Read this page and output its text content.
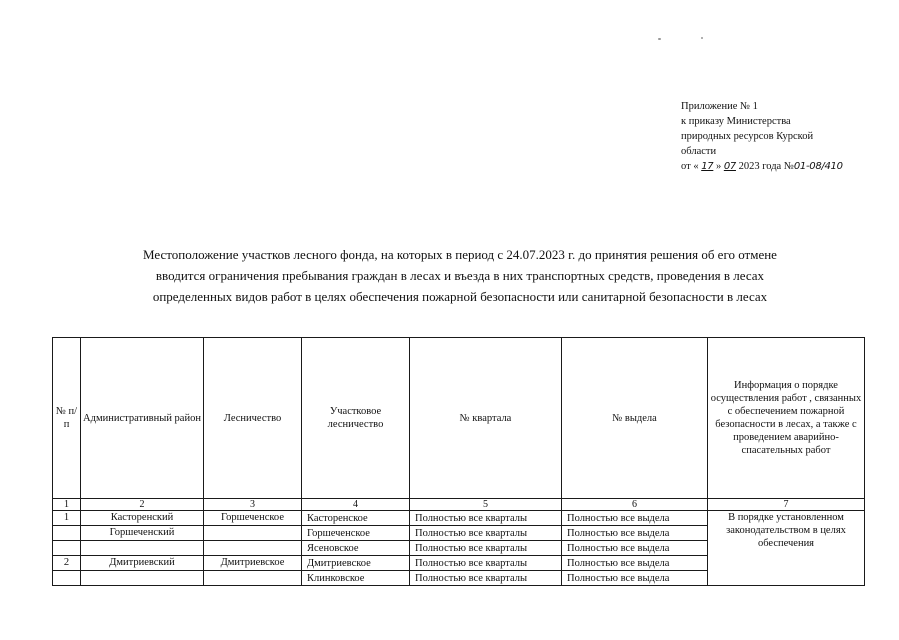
Приложение № 1
к приказу Министерства
природных ресурсов Курской
области
от « 17 » 07 2023 года №01-08/410
Местоположение участков лесного фонда, на которых в период с 24.07.2023 г. до принятия решения об его отмене
вводится ограничения пребывания граждан в лесах и въезда в них транспортных средств, проведения в лесах
определенных видов работ в целях обеспечения пожарной безопасности или санитарной безопасности в лесах
№ п/п	Административный район	Лесничество	Участковое лесничество	№ квартала	№ выдела	Информация о порядке осуществления работ , связанных с обеспечением пожарной безопасности в лесах, а также с проведением аварийно-спасательных работ
1	2	3	4	5	6	7
1	Касторенский	Горшеченское	Касторенское	Полностью все кварталы	Полностью все выдела	В порядке установленном законодательством в целях обеспечения
	Горшеченский		Горшеченское	Полностью все кварталы	Полностью все выдела	
			Ясеновское	Полностью все кварталы	Полностью все выдела	
2	Дмитриевский	Дмитриевское	Дмитриевское	Полностью все кварталы	Полностью все выдела	
			Клинковское	Полностью все кварталы	Полностью все выдела	
